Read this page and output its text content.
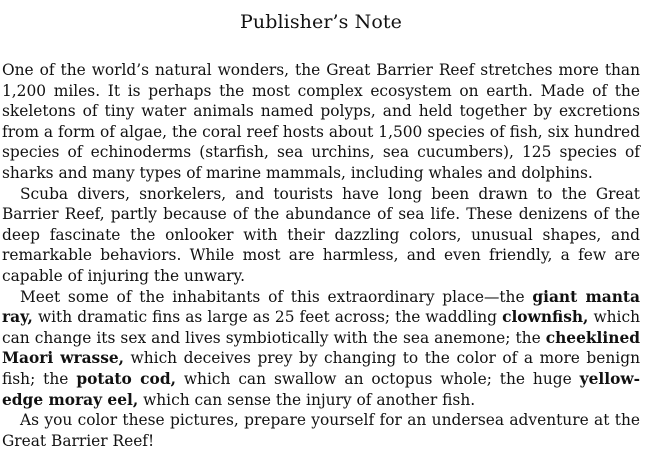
Publisher’s Note

One of the world’s natural wonders, the Great Barrier Reef stretches more than 1,200 miles. It is perhaps the most complex ecosystem on earth. Made of the skeletons of tiny water animals named polyps, and held together by excretions from a form of algae, the coral reef hosts about 1,500 species of fish, six hundred species of echinoderms (starfish, sea urchins, sea cucumbers), 125 species of sharks and many types of marine mammals, including whales and dolphins.

Scuba divers, snorkelers, and tourists have long been drawn to the Great Barrier Reef, partly because of the abundance of sea life. These denizens of the deep fascinate the onlooker with their dazzling colors, unusual shapes, and remarkable behaviors. While most are harmless, and even friendly, a few are capable of injuring the unwary.

Meet some of the inhabitants of this extraordinary place—the giant manta ray, with dramatic fins as large as 25 feet across; the waddling clownfish, which can change its sex and lives symbiotically with the sea anemone; the cheeklined Maori wrasse, which deceives prey by changing to the color of a more benign fish; the potato cod, which can swallow an octopus whole; the huge yellow-edge moray eel, which can sense the injury of another fish.

As you color these pictures, prepare yourself for an undersea adventure at the Great Barrier Reef!
